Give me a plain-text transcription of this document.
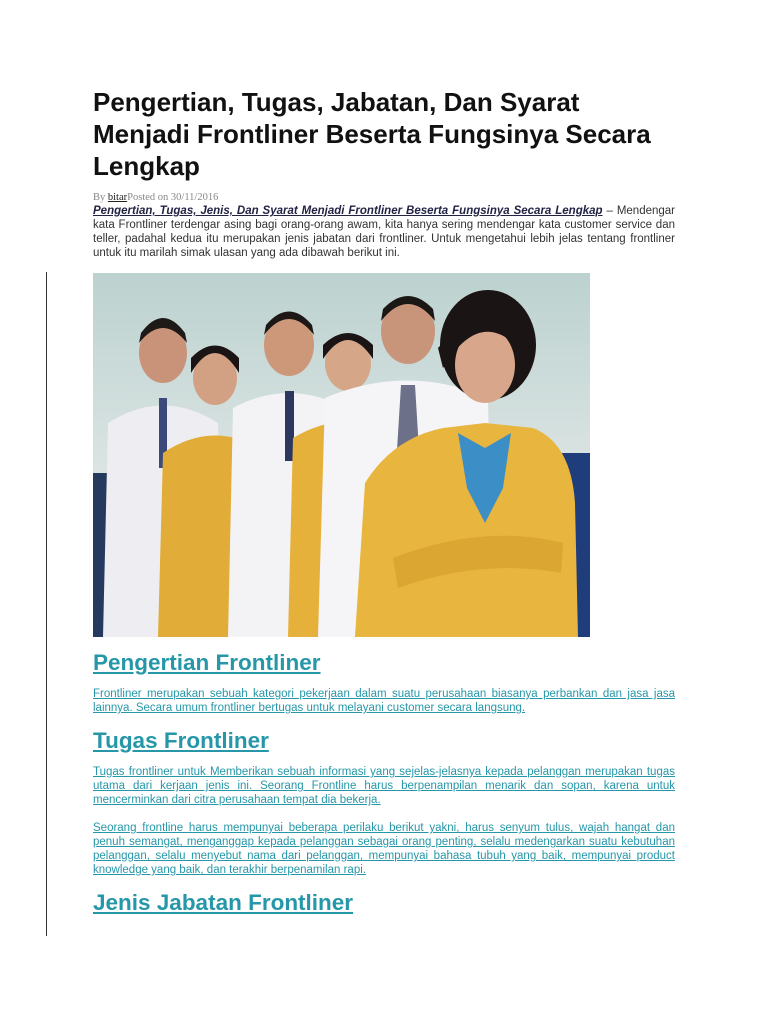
Pengertian, Tugas, Jabatan, Dan Syarat Menjadi Frontliner Beserta Fungsinya Secara Lengkap
By bitarPosted on 30/11/2016

Pengertian, Tugas, Jenis, Dan Syarat Menjadi Frontliner Beserta Fungsinya Secara Lengkap – Mendengar kata Frontliner terdengar asing bagi orang-orang awam, kita hanya sering mendengar kata customer service dan teller, padahal kedua itu merupakan jenis jabatan dari frontliner. Untuk mengetahui lebih jelas tentang frontliner untuk itu marilah simak ulasan yang ada dibawah berikut ini.

Pengertian Frontliner

Frontliner merupakan sebuah kategori pekerjaan dalam suatu perusahaan biasanya perbankan dan jasa jasa lainnya. Secara umum frontliner bertugas untuk melayani customer secara langsung.

Tugas Frontliner

Tugas frontliner untuk Memberikan sebuah informasi yang sejelas-jelasnya kepada pelanggan merupakan tugas utama dari kerjaan jenis ini. Seorang Frontline harus berpenampilan menarik dan sopan, karena untuk mencerminkan dari citra perusahaan tempat dia bekerja.

Seorang frontline harus mempunyai beberapa perilaku berikut yakni, harus senyum tulus, wajah hangat dan penuh semangat, menganggap kepada pelanggan sebagai orang penting, selalu medengarkan suatu kebutuhan pelanggan, selalu menyebut nama dari pelanggan, mempunyai bahasa tubuh yang baik, mempunyai product knowledge yang baik, dan terakhir berpenamilan rapi.

Jenis Jabatan Frontliner
